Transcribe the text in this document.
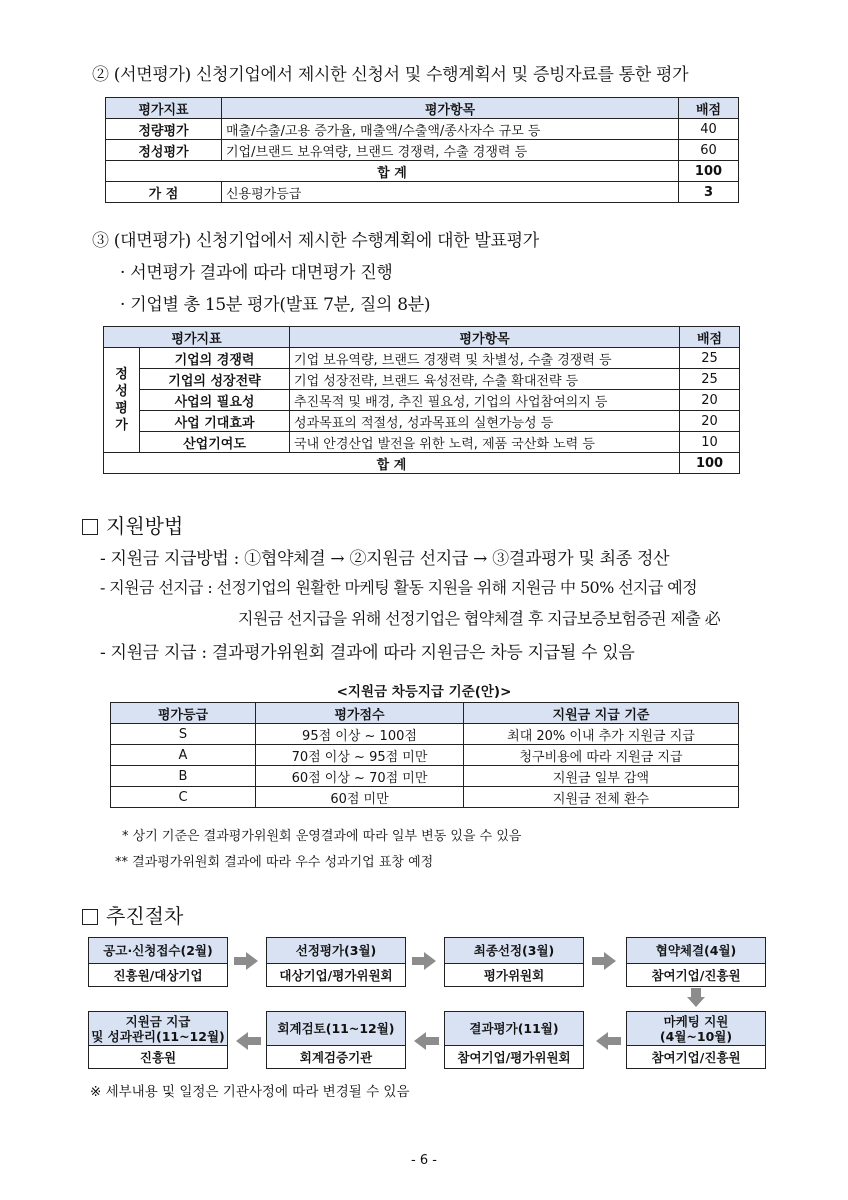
② (서면평가) 신청기업에서 제시한 신청서 및 수행계획서 및 증빙자료를 통한 평가
평가지표	평가항목	배점
정량평가	매출/수출/고용 증가율, 매출액/수출액/종사자수 규모 등	40
정성평가	기업/브랜드 보유역량, 브랜드 경쟁력, 수출 경쟁력 등	60
합 계		100
가 점	신용평가등급	3
③ (대면평가) 신청기업에서 제시한 수행계획에 대한 발표평가
· 서면평가 결과에 따라 대면평가 진행
· 기업별 총 15분 평가(발표 7분, 질의 8분)
평가지표		평가항목	배점
정성평가	기업의 경쟁력	기업 보유역량, 브랜드 경쟁력 및 차별성, 수출 경쟁력 등	25
	기업의 성장전략	기업 성장전략, 브랜드 육성전략, 수출 확대전략 등	25
	사업의 필요성	추진목적 및 배경, 추진 필요성, 기업의 사업참여의지 등	20
	사업 기대효과	성과목표의 적절성, 성과목표의 실현가능성 등	20
	산업기여도	국내 안경산업 발전을 위한 노력, 제품 국산화 노력 등	10
합 계			100
지원방법
- 지원금 지급방법 : ①협약체결 → ②지원금 선지급 → ③결과평가 및 최종 정산
- 지원금 선지급 : 선정기업의 원활한 마케팅 활동 지원을 위해 지원금 中 50% 선지급 예정
지원금 선지급을 위해 선정기업은 협약체결 후 지급보증보험증권 제출 必
- 지원금 지급 : 결과평가위원회 결과에 따라 지원금은 차등 지급될 수 있음
<지원금 차등지급 기준(안)>
평가등급	평가점수	지원금 지급 기준
S	95점 이상 ~ 100점	최대 20% 이내 추가 지원금 지급
A	70점 이상 ~ 95점 미만	청구비용에 따라 지원금 지급
B	60점 이상 ~ 70점 미만	지원금 일부 감액
C	60점 미만	지원금 전체 환수
* 상기 기준은 결과평가위원회 운영결과에 따라 일부 변동 있을 수 있음
** 결과평가위원회 결과에 따라 우수 성과기업 표창 예정
추진절차
공고·신청접수(2월)
진흥원/대상기업
선정평가(3월)
대상기업/평가위원회
최종선정(3월)
평가위원회
협약체결(4월)
참여기업/진흥원
지원금 지급
및 성과관리(11~12월)
진흥원
회계검토(11~12월)
회계검증기관
결과평가(11월)
참여기업/평가위원회
마케팅 지원
(4월~10월)
참여기업/진흥원
※ 세부내용 및 일정은 기관사정에 따라 변경될 수 있음
- 6 -
